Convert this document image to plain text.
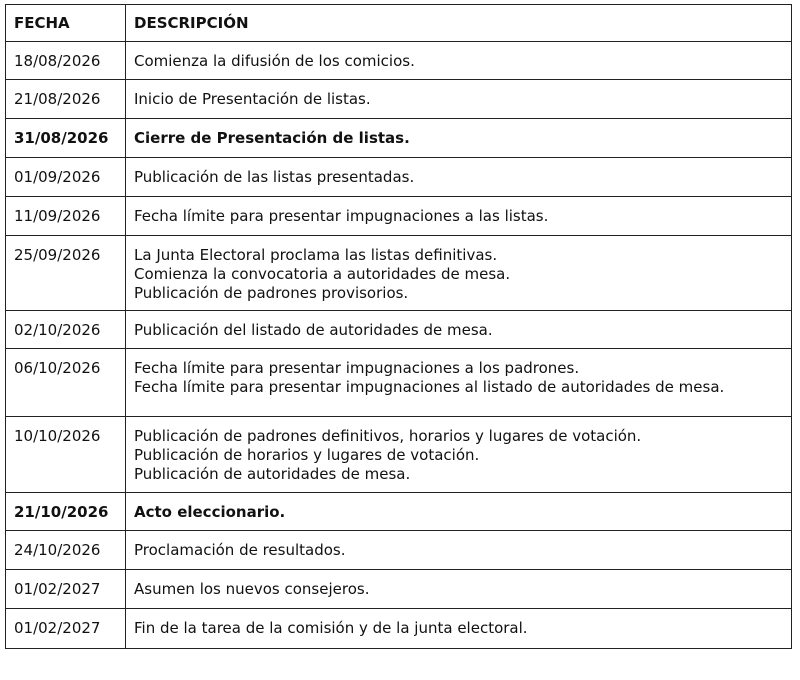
FECHA	DESCRIPCIÓN
18/08/2026	Comienza la difusión de los comicios.

21/08/2026	Inicio de Presentación de listas.

31/08/2026	Cierre de Presentación de listas.

01/09/2026	Publicación de las listas presentadas.

11/09/2026	Fecha límite para presentar impugnaciones a las listas.

25/09/2026	La Junta Electoral proclama las listas definitivas.
Comienza la convocatoria a autoridades de mesa.
Publicación de padrones provisorios.

02/10/2026	Publicación del listado de autoridades de mesa.

06/10/2026	Fecha límite para presentar impugnaciones a los padrones.
Fecha límite para presentar impugnaciones al listado de autoridades de mesa.

10/10/2026	Publicación de padrones definitivos, horarios y lugares de votación.
Publicación de horarios y lugares de votación.
Publicación de autoridades de mesa.

21/10/2026	Acto eleccionario.

24/10/2026	Proclamación de resultados.

01/02/2027	Asumen los nuevos consejeros.

01/02/2027	Fin de la tarea de la comisión y de la junta electoral.
